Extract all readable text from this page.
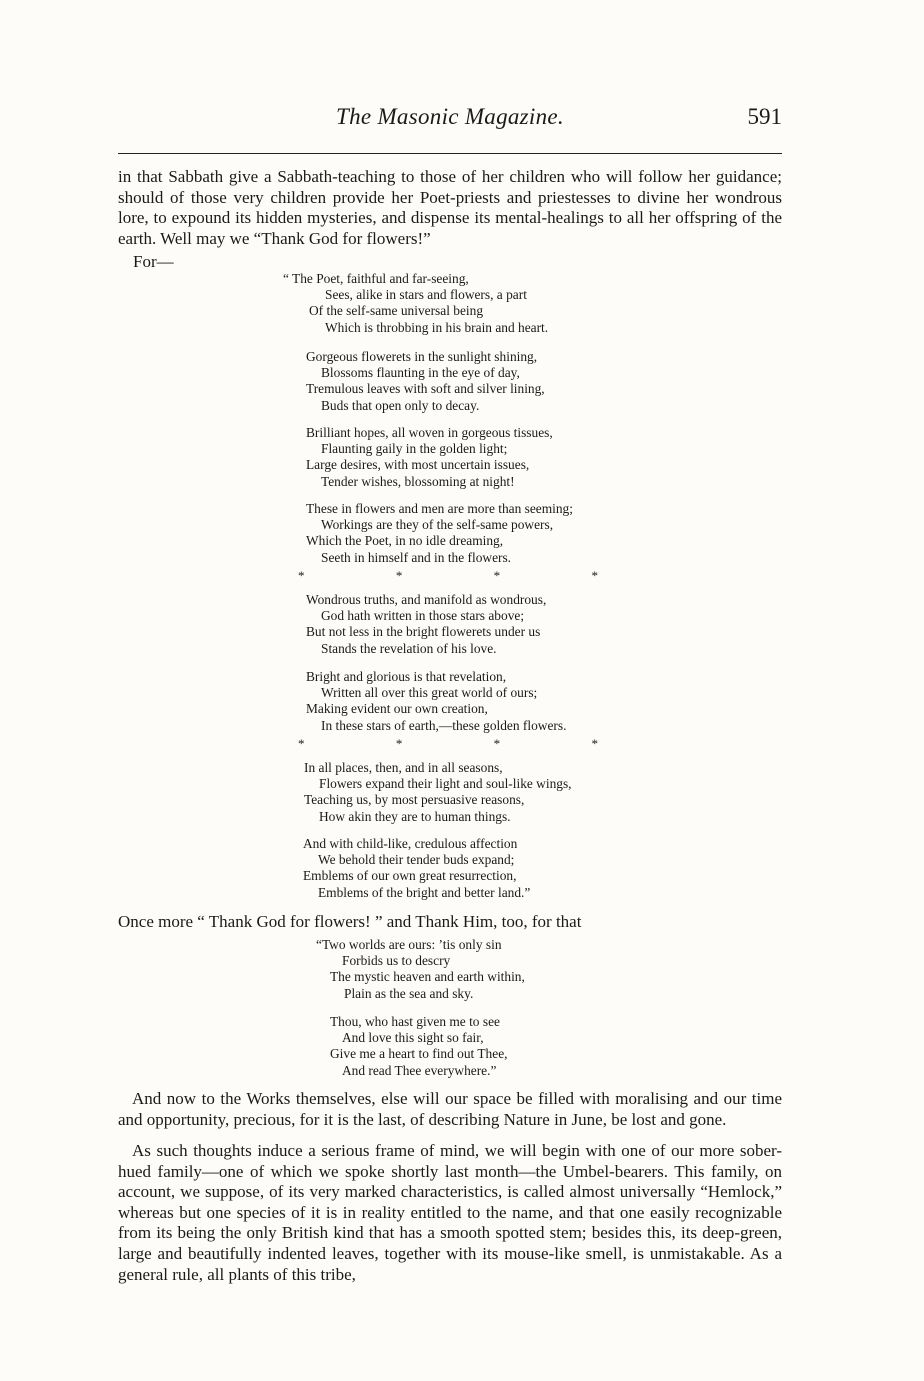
The Masonic Magazine.	591

in that Sabbath give a Sabbath-teaching to those of her children who will follow her guidance; should of those very children provide her Poet-priests and priestesses to divine her wondrous lore, to expound its hidden mysteries, and dispense its mental-healings to all her offspring of the earth. Well may we “Thank God for flowers!”

For—
“ The Poet, faithful and far-seeing,
Sees, alike in stars and flowers, a part
Of the self-same universal being
Which is throbbing in his brain and heart.
Gorgeous flowerets in the sunlight shining,
Blossoms flaunting in the eye of day,
Tremulous leaves with soft and silver lining,
Buds that open only to decay.
Brilliant hopes, all woven in gorgeous tissues,
Flaunting gaily in the golden light;
Large desires, with most uncertain issues,
Tender wishes, blossoming at night!
These in flowers and men are more than seeming;
Workings are they of the self-same powers,
Which the Poet, in no idle dreaming,
Seeth in himself and in the flowers.
*	*	*	*
Wondrous truths, and manifold as wondrous,
God hath written in those stars above;
But not less in the bright flowerets under us
Stands the revelation of his love.
Bright and glorious is that revelation,
Written all over this great world of ours;
Making evident our own creation,
In these stars of earth,—these golden flowers.
*	*	*	*
In all places, then, and in all seasons,
Flowers expand their light and soul-like wings,
Teaching us, by most persuasive reasons,
How akin they are to human things.
And with child-like, credulous affection
We behold their tender buds expand;
Emblems of our own great resurrection,
Emblems of the bright and better land.”
Once more “ Thank God for flowers! ” and Thank Him, too, for that
“Two worlds are ours: ’tis only sin
Forbids us to descry
The mystic heaven and earth within,
Plain as the sea and sky.
Thou, who hast given me to see
And love this sight so fair,
Give me a heart to find out Thee,
And read Thee everywhere.”

And now to the Works themselves, else will our space be filled with moralising and our time and opportunity, precious, for it is the last, of describing Nature in June, be lost and gone.

As such thoughts induce a serious frame of mind, we will begin with one of our more sober-hued family—one of which we spoke shortly last month—the Umbel-bearers. This family, on account, we suppose, of its very marked characteristics, is called almost universally “Hemlock,” whereas but one species of it is in reality entitled to the name, and that one easily recognizable from its being the only British kind that has a smooth spotted stem; besides this, its deep-green, large and beautifully indented leaves, together with its mouse-like smell, is unmistakable. As a general rule, all plants of this tribe,
